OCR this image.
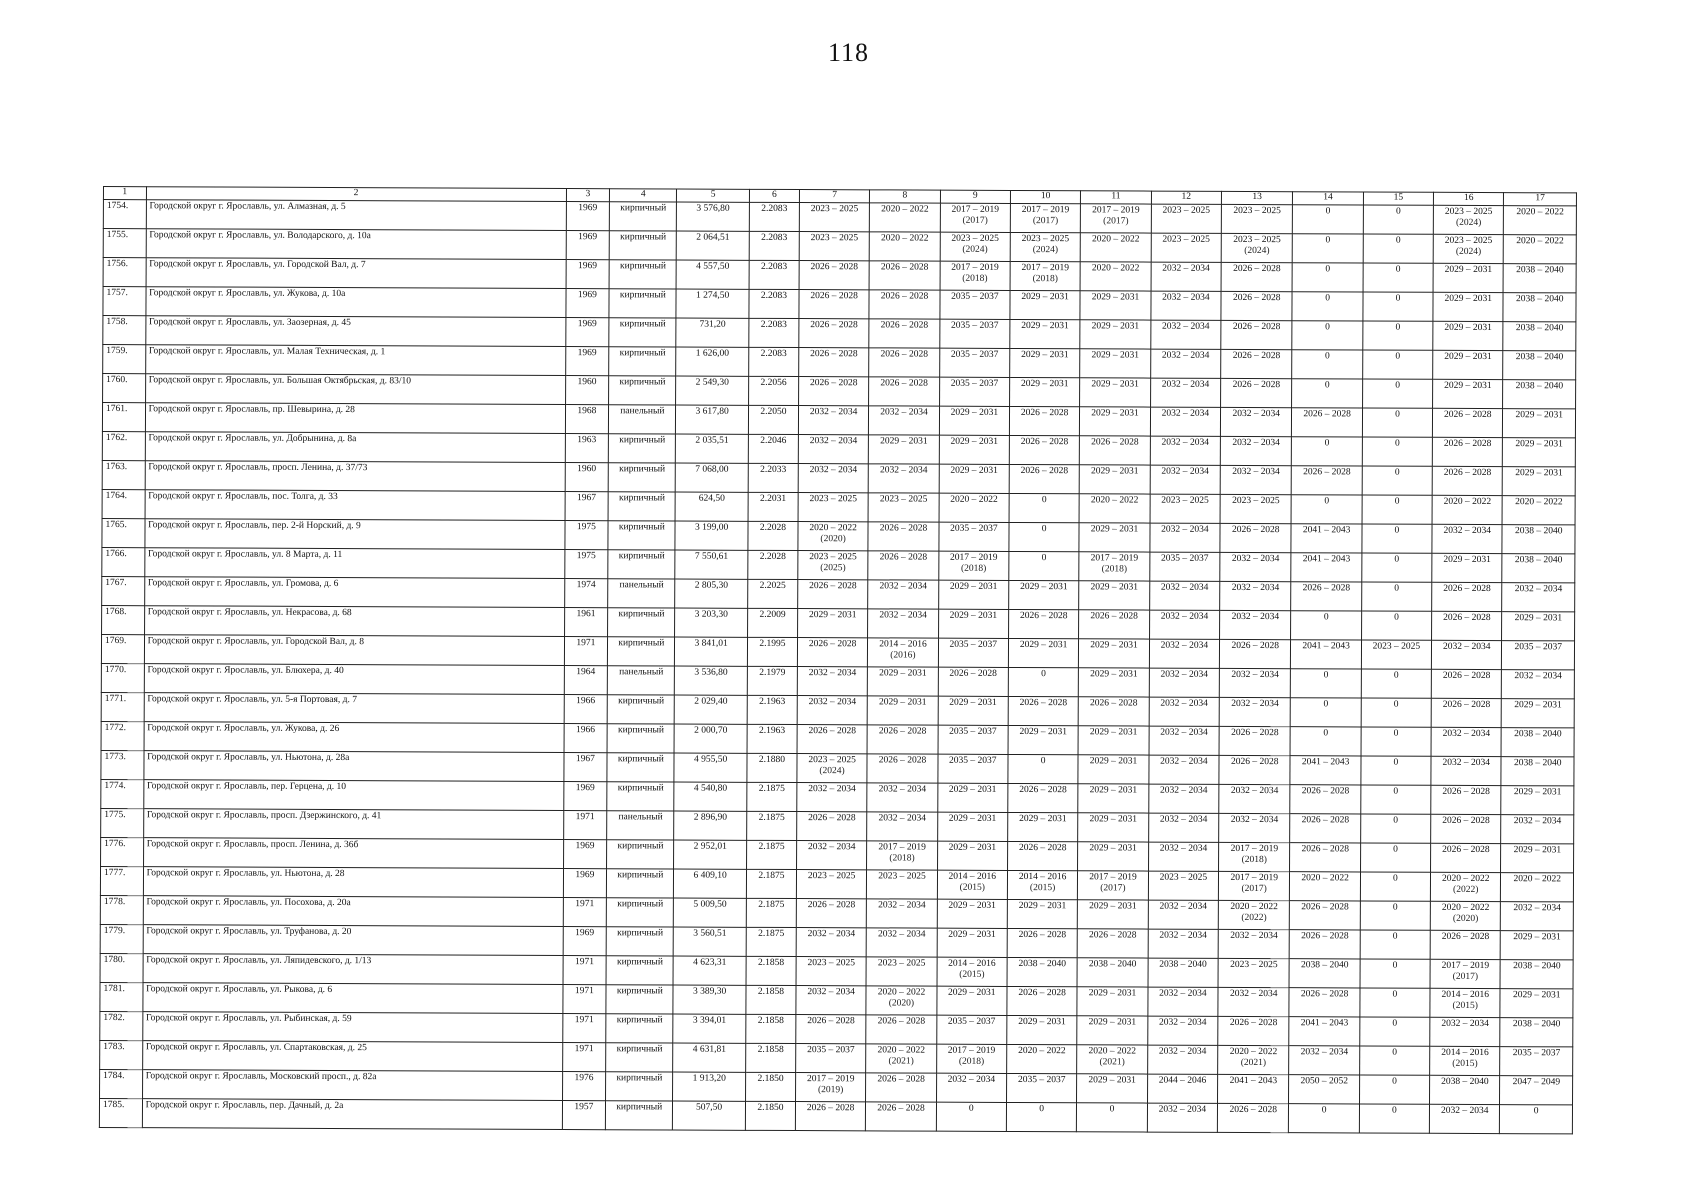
118
1	2	3	4	5	6	7	8	9	10	11	12	13	14	15	16	17

1754.	Городской округ г. Ярославль, ул. Алмазная, д. 5	1969	кирпичный	3 576,80	2.2083	2023 – 2025	2020 – 2022	2017 – 2019
(2017)	2017 – 2019
(2017)	2017 – 2019
(2017)	2023 – 2025	2023 – 2025	0	0	2023 – 2025
(2024)	2020 – 2022

1755.	Городской округ г. Ярославль, ул. Володарского, д. 10а	1969	кирпичный	2 064,51	2.2083	2023 – 2025	2020 – 2022	2023 – 2025
(2024)	2023 – 2025
(2024)	2020 – 2022	2023 – 2025	2023 – 2025
(2024)	0	0	2023 – 2025
(2024)	2020 – 2022

1756.	Городской округ г. Ярославль, ул. Городской Вал, д. 7	1969	кирпичный	4 557,50	2.2083	2026 – 2028	2026 – 2028	2017 – 2019
(2018)	2017 – 2019
(2018)	2020 – 2022	2032 – 2034	2026 – 2028	0	0	2029 – 2031	2038 – 2040

1757.	Городской округ г. Ярославль, ул. Жукова, д. 10а	1969	кирпичный	1 274,50	2.2083	2026 – 2028	2026 – 2028	2035 – 2037	2029 – 2031	2029 – 2031	2032 – 2034	2026 – 2028	0	0	2029 – 2031	2038 – 2040

1758.	Городской округ г. Ярославль, ул. Заозерная, д. 45	1969	кирпичный	731,20	2.2083	2026 – 2028	2026 – 2028	2035 – 2037	2029 – 2031	2029 – 2031	2032 – 2034	2026 – 2028	0	0	2029 – 2031	2038 – 2040

1759.	Городской округ г. Ярославль, ул. Малая Техническая, д. 1	1969	кирпичный	1 626,00	2.2083	2026 – 2028	2026 – 2028	2035 – 2037	2029 – 2031	2029 – 2031	2032 – 2034	2026 – 2028	0	0	2029 – 2031	2038 – 2040

1760.	Городской округ г. Ярославль, ул. Большая Октябрьская, д. 83/10	1960	кирпичный	2 549,30	2.2056	2026 – 2028	2026 – 2028	2035 – 2037	2029 – 2031	2029 – 2031	2032 – 2034	2026 – 2028	0	0	2029 – 2031	2038 – 2040

1761.	Городской округ г. Ярославль, пр. Шевырина, д. 28	1968	панельный	3 617,80	2.2050	2032 – 2034	2032 – 2034	2029 – 2031	2026 – 2028	2029 – 2031	2032 – 2034	2032 – 2034	2026 – 2028	0	2026 – 2028	2029 – 2031

1762.	Городской округ г. Ярославль, ул. Добрынина, д. 8а	1963	кирпичный	2 035,51	2.2046	2032 – 2034	2029 – 2031	2029 – 2031	2026 – 2028	2026 – 2028	2032 – 2034	2032 – 2034	0	0	2026 – 2028	2029 – 2031

1763.	Городской округ г. Ярославль, просп. Ленина, д. 37/73	1960	кирпичный	7 068,00	2.2033	2032 – 2034	2032 – 2034	2029 – 2031	2026 – 2028	2029 – 2031	2032 – 2034	2032 – 2034	2026 – 2028	0	2026 – 2028	2029 – 2031

1764.	Городской округ г. Ярославль, пос. Толга, д. 33	1967	кирпичный	624,50	2.2031	2023 – 2025	2023 – 2025	2020 – 2022	0	2020 – 2022	2023 – 2025	2023 – 2025	0	0	2020 – 2022	2020 – 2022

1765.	Городской округ г. Ярославль, пер. 2-й Норский, д. 9	1975	кирпичный	3 199,00	2.2028	2020 – 2022
(2020)	2026 – 2028	2035 – 2037	0	2029 – 2031	2032 – 2034	2026 – 2028	2041 – 2043	0	2032 – 2034	2038 – 2040

1766.	Городской округ г. Ярославль, ул. 8 Марта, д. 11	1975	кирпичный	7 550,61	2.2028	2023 – 2025
(2025)	2026 – 2028	2017 – 2019
(2018)	0	2017 – 2019
(2018)	2035 – 2037	2032 – 2034	2041 – 2043	0	2029 – 2031	2038 – 2040

1767.	Городской округ г. Ярославль, ул. Громова, д. 6	1974	панельный	2 805,30	2.2025	2026 – 2028	2032 – 2034	2029 – 2031	2029 – 2031	2029 – 2031	2032 – 2034	2032 – 2034	2026 – 2028	0	2026 – 2028	2032 – 2034

1768.	Городской округ г. Ярославль, ул. Некрасова, д. 68	1961	кирпичный	3 203,30	2.2009	2029 – 2031	2032 – 2034	2029 – 2031	2026 – 2028	2026 – 2028	2032 – 2034	2032 – 2034	0	0	2026 – 2028	2029 – 2031

1769.	Городской округ г. Ярославль, ул. Городской Вал, д. 8	1971	кирпичный	3 841,01	2.1995	2026 – 2028	2014 – 2016
(2016)	2035 – 2037	2029 – 2031	2029 – 2031	2032 – 2034	2026 – 2028	2041 – 2043	2023 – 2025	2032 – 2034	2035 – 2037

1770.	Городской округ г. Ярославль, ул. Блюхера, д. 40	1964	панельный	3 536,80	2.1979	2032 – 2034	2029 – 2031	2026 – 2028	0	2029 – 2031	2032 – 2034	2032 – 2034	0	0	2026 – 2028	2032 – 2034

1771.	Городской округ г. Ярославль, ул. 5-я Портовая, д. 7	1966	кирпичный	2 029,40	2.1963	2032 – 2034	2029 – 2031	2029 – 2031	2026 – 2028	2026 – 2028	2032 – 2034	2032 – 2034	0	0	2026 – 2028	2029 – 2031

1772.	Городской округ г. Ярославль, ул. Жукова, д. 26	1966	кирпичный	2 000,70	2.1963	2026 – 2028	2026 – 2028	2035 – 2037	2029 – 2031	2029 – 2031	2032 – 2034	2026 – 2028	0	0	2032 – 2034	2038 – 2040

1773.	Городской округ г. Ярославль, ул. Ньютона, д. 28а	1967	кирпичный	4 955,50	2.1880	2023 – 2025
(2024)	2026 – 2028	2035 – 2037	0	2029 – 2031	2032 – 2034	2026 – 2028	2041 – 2043	0	2032 – 2034	2038 – 2040

1774.	Городской округ г. Ярославль, пер. Герцена, д. 10	1969	кирпичный	4 540,80	2.1875	2032 – 2034	2032 – 2034	2029 – 2031	2026 – 2028	2029 – 2031	2032 – 2034	2032 – 2034	2026 – 2028	0	2026 – 2028	2029 – 2031

1775.	Городской округ г. Ярославль, просп. Дзержинского, д. 41	1971	панельный	2 896,90	2.1875	2026 – 2028	2032 – 2034	2029 – 2031	2029 – 2031	2029 – 2031	2032 – 2034	2032 – 2034	2026 – 2028	0	2026 – 2028	2032 – 2034

1776.	Городской округ г. Ярославль, просп. Ленина, д. 36б	1969	кирпичный	2 952,01	2.1875	2032 – 2034	2017 – 2019
(2018)	2029 – 2031	2026 – 2028	2029 – 2031	2032 – 2034	2017 – 2019
(2018)	2026 – 2028	0	2026 – 2028	2029 – 2031

1777.	Городской округ г. Ярославль, ул. Ньютона, д. 28	1969	кирпичный	6 409,10	2.1875	2023 – 2025	2023 – 2025	2014 – 2016
(2015)	2014 – 2016
(2015)	2017 – 2019
(2017)	2023 – 2025	2017 – 2019
(2017)	2020 – 2022	0	2020 – 2022
(2022)	2020 – 2022

1778.	Городской округ г. Ярославль, ул. Посохова, д. 20а	1971	кирпичный	5 009,50	2.1875	2026 – 2028	2032 – 2034	2029 – 2031	2029 – 2031	2029 – 2031	2032 – 2034	2020 – 2022
(2022)	2026 – 2028	0	2020 – 2022
(2020)	2032 – 2034

1779.	Городской округ г. Ярославль, ул. Труфанова, д. 20	1969	кирпичный	3 560,51	2.1875	2032 – 2034	2032 – 2034	2029 – 2031	2026 – 2028	2026 – 2028	2032 – 2034	2032 – 2034	2026 – 2028	0	2026 – 2028	2029 – 2031

1780.	Городской округ г. Ярославль, ул. Ляпидевского, д. 1/13	1971	кирпичный	4 623,31	2.1858	2023 – 2025	2023 – 2025	2014 – 2016
(2015)	2038 – 2040	2038 – 2040	2038 – 2040	2023 – 2025	2038 – 2040	0	2017 – 2019
(2017)	2038 – 2040

1781.	Городской округ г. Ярославль, ул. Рыкова, д. 6	1971	кирпичный	3 389,30	2.1858	2032 – 2034	2020 – 2022
(2020)	2029 – 2031	2026 – 2028	2029 – 2031	2032 – 2034	2032 – 2034	2026 – 2028	0	2014 – 2016
(2015)	2029 – 2031

1782.	Городской округ г. Ярославль, ул. Рыбинская, д. 59	1971	кирпичный	3 394,01	2.1858	2026 – 2028	2026 – 2028	2035 – 2037	2029 – 2031	2029 – 2031	2032 – 2034	2026 – 2028	2041 – 2043	0	2032 – 2034	2038 – 2040

1783.	Городской округ г. Ярославль, ул. Спартаковская, д. 25	1971	кирпичный	4 631,81	2.1858	2035 – 2037	2020 – 2022
(2021)	2017 – 2019
(2018)	2020 – 2022	2020 – 2022
(2021)	2032 – 2034	2020 – 2022
(2021)	2032 – 2034	0	2014 – 2016
(2015)	2035 – 2037

1784.	Городской округ г. Ярославль, Московский просп., д. 82а	1976	кирпичный	1 913,20	2.1850	2017 – 2019
(2019)	2026 – 2028	2032 – 2034	2035 – 2037	2029 – 2031	2044 – 2046	2041 – 2043	2050 – 2052	0	2038 – 2040	2047 – 2049

1785.	Городской округ г. Ярославль, пер. Дачный, д. 2а	1957	кирпичный	507,50	2.1850	2026 – 2028	2026 – 2028	0	0	0	2032 – 2034	2026 – 2028	0	0	2032 – 2034	0
